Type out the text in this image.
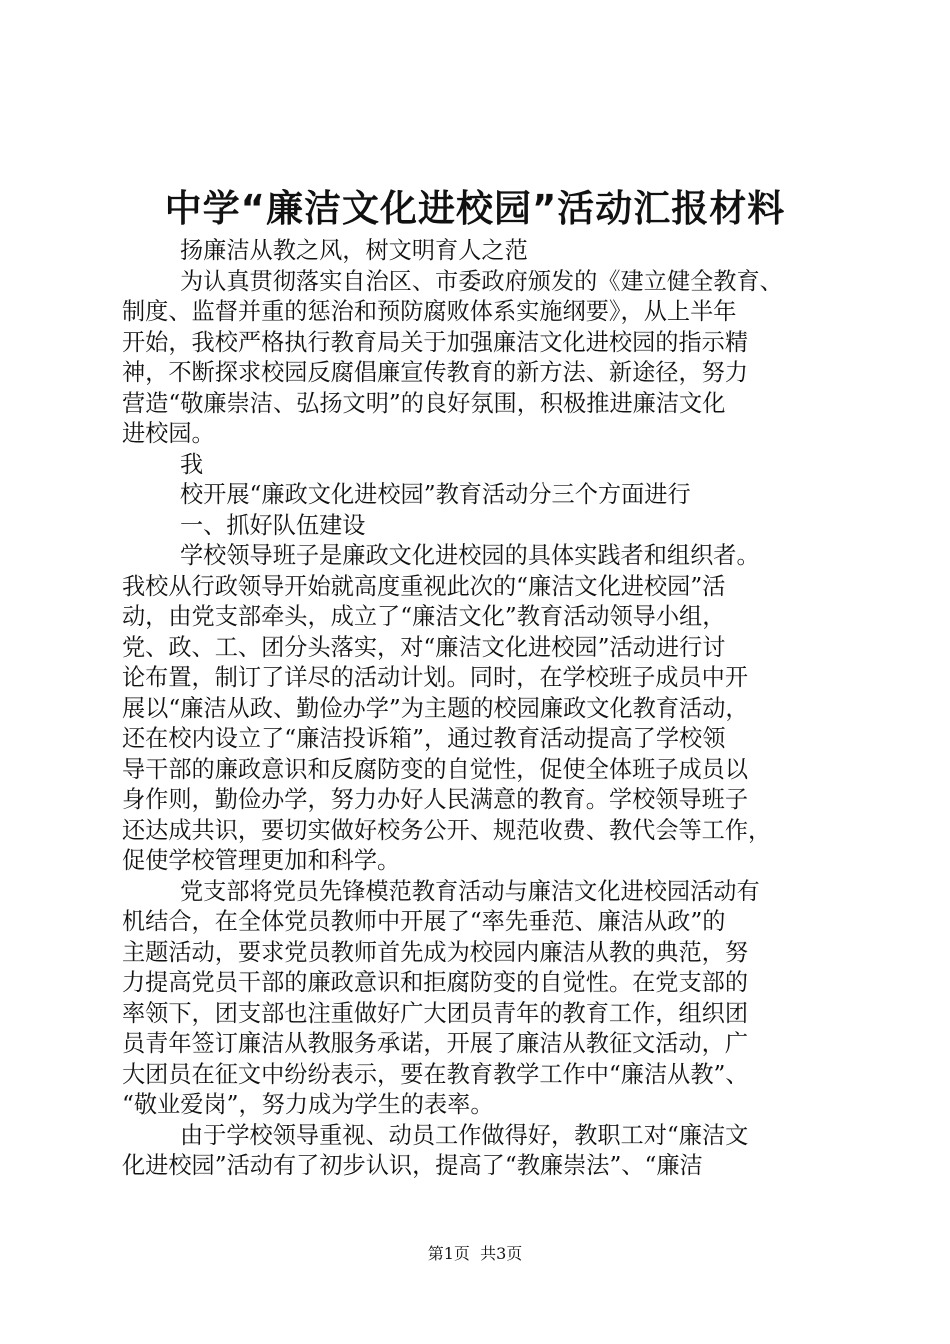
中学“廉洁文化进校园”活动汇报材料
扬廉洁从教之风，树文明育人之范
为认真贯彻落实自治区、市委政府颁发的《建立健全教育、
制度、监督并重的惩治和预防腐败体系实施纲要》，从上半年
开始，我校严格执行教育局关于加强廉洁文化进校园的指示精
神，不断探求校园反腐倡廉宣传教育的新方法、新途径，努力
营造“敬廉崇洁、弘扬文明”的良好氛围，积极推进廉洁文化
进校园。
我
校开展“廉政文化进校园”教育活动分三个方面进行
一、抓好队伍建设
学校领导班子是廉政文化进校园的具体实践者和组织者。
我校从行政领导开始就高度重视此次的“廉洁文化进校园”活
动，由党支部牵头，成立了“廉洁文化”教育活动领导小组，
党、政、工、团分头落实，对“廉洁文化进校园”活动进行讨
论布置，制订了详尽的活动计划。同时，在学校班子成员中开
展以“廉洁从政、勤俭办学”为主题的校园廉政文化教育活动，
还在校内设立了“廉洁投诉箱”，通过教育活动提高了学校领
导干部的廉政意识和反腐防变的自觉性，促使全体班子成员以
身作则，勤俭办学，努力办好人民满意的教育。学校领导班子
还达成共识，要切实做好校务公开、规范收费、教代会等工作，
促使学校管理更加和科学。
党支部将党员先锋模范教育活动与廉洁文化进校园活动有
机结合，在全体党员教师中开展了“率先垂范、廉洁从政”的
主题活动，要求党员教师首先成为校园内廉洁从教的典范，努
力提高党员干部的廉政意识和拒腐防变的自觉性。在党支部的
率领下，团支部也注重做好广大团员青年的教育工作，组织团
员青年签订廉洁从教服务承诺，开展了廉洁从教征文活动，广
大团员在征文中纷纷表示，要在教育教学工作中“廉洁从教”、
“敬业爱岗”，努力成为学生的表率。
由于学校领导重视、动员工作做得好，教职工对“廉洁文
化进校园”活动有了初步认识，提高了“教廉崇法”、“廉洁
第1页  共3页
